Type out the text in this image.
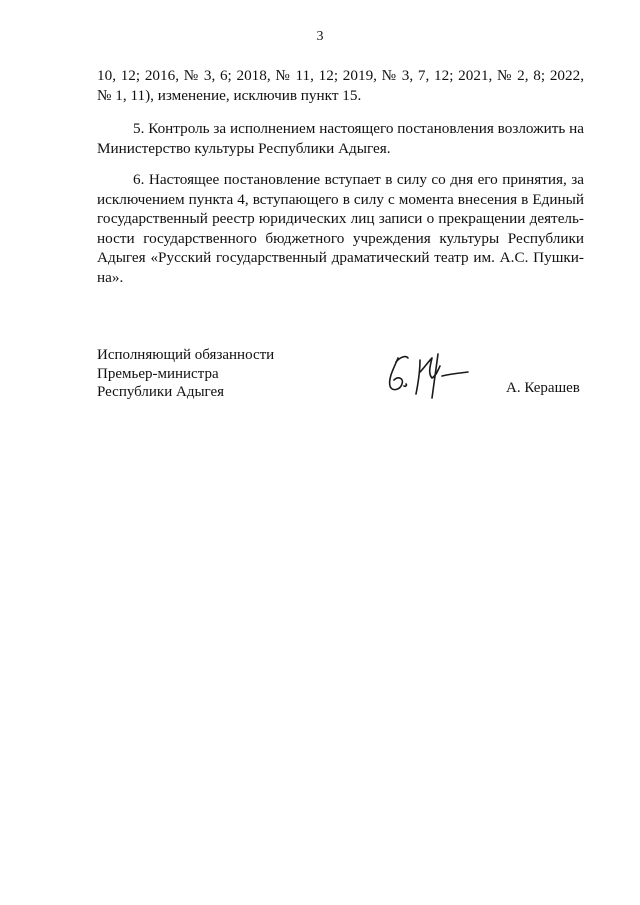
3
10, 12; 2016, № 3, 6; 2018, № 11, 12; 2019, № 3, 7, 12; 2021, № 2, 8; 2022,
№ 1, 11), изменение, исключив пункт 15.
5. Контроль за исполнением настоящего постановления возложить на
Министерство культуры Республики Адыгея.
6. Настоящее постановление вступает в силу со дня его принятия, за
исключением пункта 4, вступающего в силу с момента внесения в Единый
государственный реестр юридических лиц записи о прекращении деятель-
ности государственного бюджетного учреждения культуры Республики
Адыгея «Русский государственный драматический театр им. А.С. Пушки-
на».
Исполняющий обязанности
Премьер-министра
Республики Адыгея	А. Керашев
